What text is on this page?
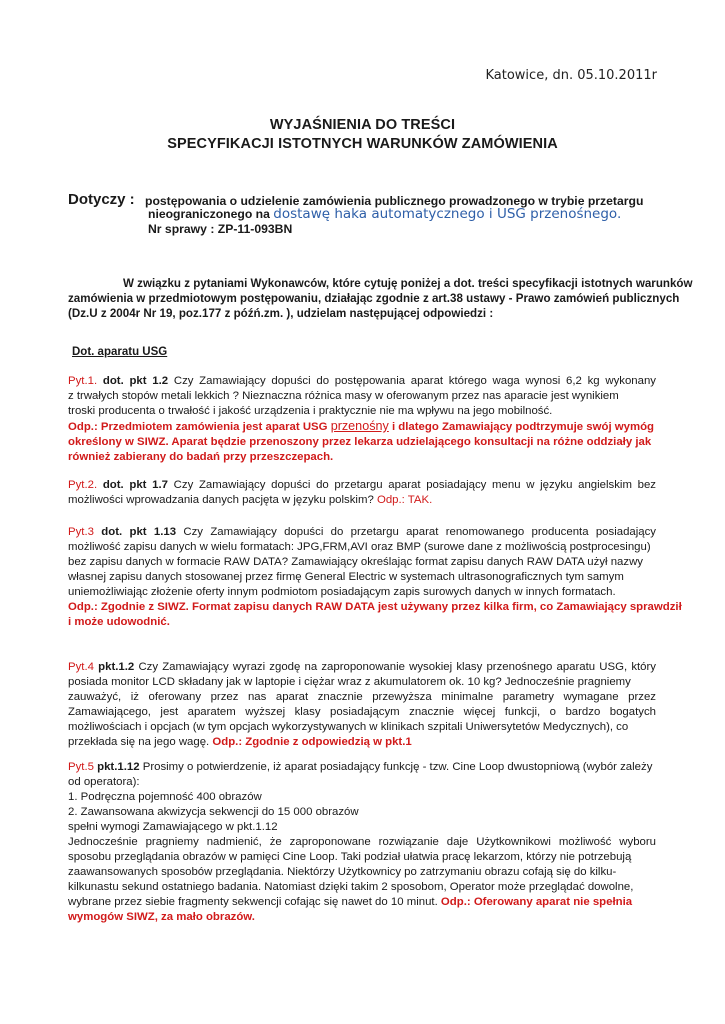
Katowice, dn. 05.10.2011r
WYJAŚNIENIA DO TREŚCI
SPECYFIKACJI ISTOTNYCH WARUNKÓW ZAMÓWIENIA
Dotyczy : postępowania o udzielenie zamówienia publicznego prowadzonego w trybie przetargu
nieograniczonego na dostawę haka automatycznego i USG przenośnego.
Nr sprawy : ZP-11-093BN
W związku z pytaniami Wykonawców, które cytuję poniżej a dot. treści specyfikacji istotnych warunków
zamówienia w przedmiotowym postępowaniu, działając zgodnie z art.38 ustawy - Prawo zamówień publicznych
(Dz.U z 2004r Nr 19, poz.177 z późń.zm. ), udzielam następującej odpowiedzi :
Dot. aparatu USG
Pyt.1. dot. pkt 1.2 Czy Zamawiający dopuści do postępowania aparat którego waga wynosi 6,2 kg wykonany
z trwałych stopów metali lekkich ? Nieznaczna różnica masy w oferowanym przez nas aparacie jest wynikiem
troski producenta o trwałość i jakość urządzenia i praktycznie nie ma wpływu na jego mobilność.
Odp.: Przedmiotem zamówienia jest aparat USG przenośny i dlatego Zamawiający podtrzymuje swój wymóg
określony w SIWZ. Aparat będzie przenoszony przez lekarza udzielającego konsultacji na różne oddziały jak
również zabierany do badań przy przeszczepach.
Pyt.2. dot. pkt 1.7 Czy Zamawiający dopuści do przetargu aparat posiadający menu w języku angielskim bez
możliwości wprowadzania danych pacjęta w języku polskim? Odp.: TAK.
Pyt.3 dot. pkt 1.13 Czy Zamawiający dopuści do przetargu aparat renomowanego producenta posiadający
możliwość zapisu danych w wielu formatach: JPG,FRM,AVI oraz BMP (surowe dane z możliwością postprocesingu)
bez zapisu danych w formacie RAW DATA? Zamawiający określając format zapisu danych RAW DATA użył nazwy
własnej zapisu danych stosowanej przez firmę General Electric w systemach ultrasonograficznych tym samym
uniemożliwiając złożenie oferty innym podmiotom posiadającym zapis surowych danych w innych formatach.
Odp.: Zgodnie z SIWZ. Format zapisu danych RAW DATA jest używany przez kilka firm, co Zamawiający sprawdził
i może udowodnić.
Pyt.4 pkt.1.2 Czy Zamawiający wyrazi zgodę na zaproponowanie wysokiej klasy przenośnego aparatu USG, który
posiada monitor LCD składany jak w laptopie i ciężar wraz z akumulatorem ok. 10 kg? Jednocześnie pragniemy
zauważyć, iż oferowany przez nas aparat znacznie przewyższa minimalne parametry wymagane przez
Zamawiającego, jest aparatem wyższej klasy posiadającym znacznie więcej funkcji, o bardzo bogatych
możliwościach i opcjach (w tym opcjach wykorzystywanych w klinikach szpitali Uniwersytetów Medycznych), co
przekłada się na jego wagę. Odp.: Zgodnie z odpowiedzią w pkt.1
Pyt.5 pkt.1.12 Prosimy o potwierdzenie, iż aparat posiadający funkcję - tzw. Cine Loop dwustopniową (wybór zależy
od operatora):
1. Podręczna pojemność 400 obrazów
2. Zawansowana akwizycja sekwencji do 15 000 obrazów
spełni wymogi Zamawiającego w pkt.1.12
Jednocześnie pragniemy nadmienić, że zaproponowane rozwiązanie daje Użytkownikowi możliwość wyboru
sposobu przeglądania obrazów w pamięci Cine Loop. Taki podział ułatwia pracę lekarzom, którzy nie potrzebują
zaawansowanych sposobów przeglądania. Niektórzy Użytkownicy po zatrzymaniu obrazu cofają się do kilku-
kilkunastu sekund ostatniego badania. Natomiast dzięki takim 2 sposobom, Operator może przeglądać dowolne,
wybrane przez siebie fragmenty sekwencji cofając się nawet do 10 minut. Odp.: Oferowany aparat nie spełnia
wymogów SIWZ, za mało obrazów.
